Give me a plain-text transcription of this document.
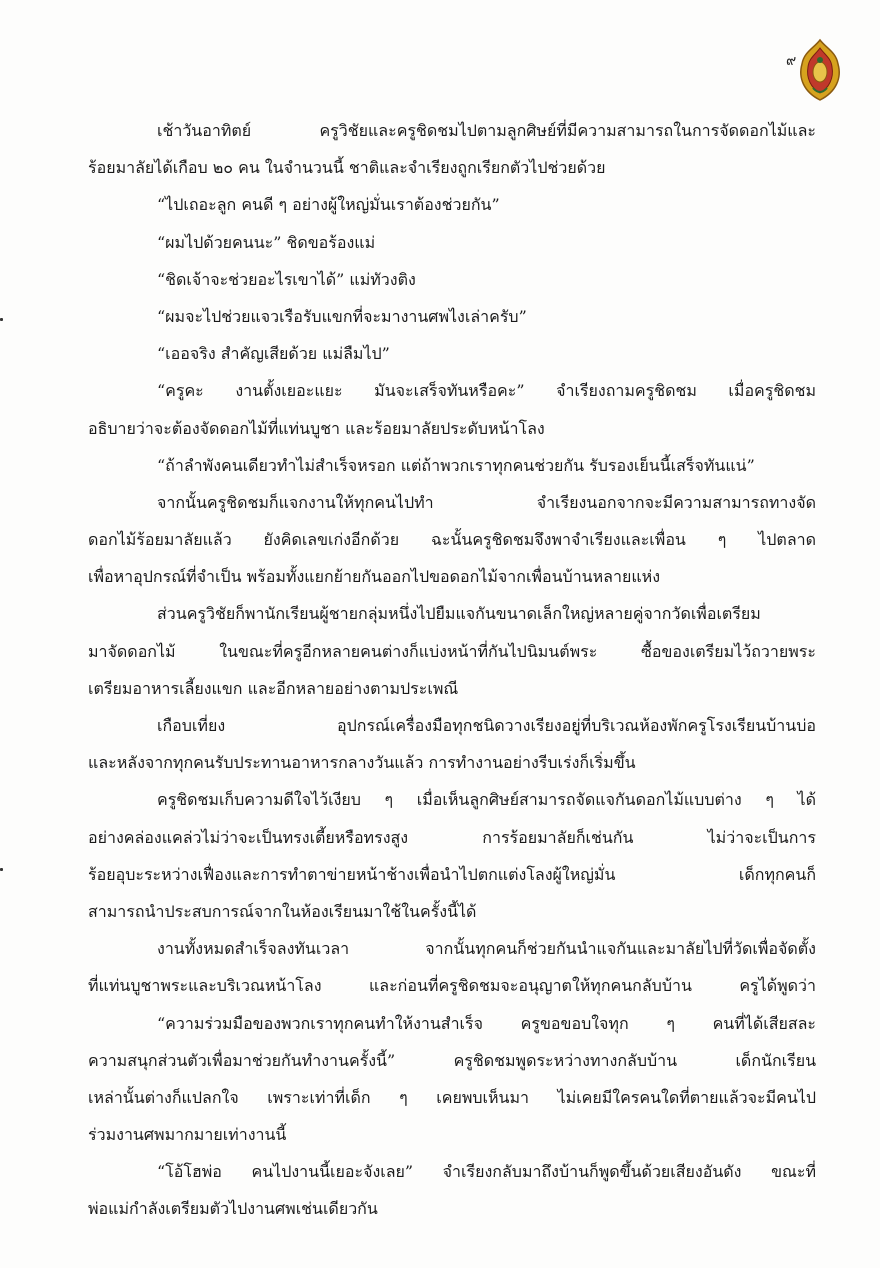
๙
เช้าวันอาทิตย์ ครูวิชัยและครูชิดชมไปตามลูกศิษย์ที่มีความสามารถในการจัดดอกไม้และ
ร้อยมาลัยได้เกือบ ๒๐ คน ในจำนวนนี้ ชาติและจำเรียงถูกเรียกตัวไปช่วยด้วย
“ไปเถอะลูก คนดี ๆ อย่างผู้ใหญ่มั่นเราต้องช่วยกัน”
“ผมไปด้วยคนนะ” ชิดขอร้องแม่
“ชิดเจ้าจะช่วยอะไรเขาได้” แม่ทัวงติง
“ผมจะไปช่วยแจวเรือรับแขกที่จะมางานศพไงเล่าครับ”
“เออจริง สำคัญเสียด้วย แม่ลืมไป”
“ครูคะ งานตั้งเยอะแยะ มันจะเสร็จทันหรือคะ” จำเรียงถามครูชิดชม เมื่อครูชิดชม
อธิบายว่าจะต้องจัดดอกไม้ที่แท่นบูชา และร้อยมาลัยประดับหน้าโลง
“ถ้าลำพังคนเดียวทำไม่สำเร็จหรอก แต่ถ้าพวกเราทุกคนช่วยกัน รับรองเย็นนี้เสร็จทันแน่”
จากนั้นครูชิดชมก็แจกงานให้ทุกคนไปทำ จำเรียงนอกจากจะมีความสามารถทางจัด
ดอกไม้ร้อยมาลัยแล้ว ยังคิดเลขเก่งอีกด้วย ฉะนั้นครูชิดชมจึงพาจำเรียงและเพื่อน ๆ ไปตลาด
เพื่อหาอุปกรณ์ที่จำเป็น พร้อมทั้งแยกย้ายกันออกไปขอดอกไม้จากเพื่อนบ้านหลายแห่ง
ส่วนครูวิชัยก็พานักเรียนผู้ชายกลุ่มหนึ่งไปยืมแจกันขนาดเล็กใหญ่หลายคู่จากวัดเพื่อเตรียม
มาจัดดอกไม้ ในขณะที่ครูอีกหลายคนต่างก็แบ่งหน้าที่กันไปนิมนต์พระ ซื้อของเตรียมไว้ถวายพระ
เตรียมอาหารเลี้ยงแขก และอีกหลายอย่างตามประเพณี
เกือบเที่ยง อุปกรณ์เครื่องมือทุกชนิดวางเรียงอยู่ที่บริเวณห้องพักครูโรงเรียนบ้านบ่อ
และหลังจากทุกคนรับประทานอาหารกลางวันแล้ว การทำงานอย่างรีบเร่งก็เริ่มขึ้น
ครูชิดชมเก็บความดีใจไว้เงียบ ๆ เมื่อเห็นลูกศิษย์สามารถจัดแจกันดอกไม้แบบต่าง ๆ ได้
อย่างคล่องแคล่วไม่ว่าจะเป็นทรงเตี้ยหรือทรงสูง การร้อยมาลัยก็เช่นกัน ไม่ว่าจะเป็นการ
ร้อยอุบะระหว่างเฟื่องและการทำตาข่ายหน้าช้างเพื่อนำไปตกแต่งโลงผู้ใหญ่มั่น เด็กทุกคนก็
สามารถนำประสบการณ์จากในห้องเรียนมาใช้ในครั้งนี้ได้
งานทั้งหมดสำเร็จลงทันเวลา จากนั้นทุกคนก็ช่วยกันนำแจกันและมาลัยไปที่วัดเพื่อจัดตั้ง
ที่แท่นบูชาพระและบริเวณหน้าโลง และก่อนที่ครูชิดชมจะอนุญาตให้ทุกคนกลับบ้าน ครูได้พูดว่า
“ความร่วมมือของพวกเราทุกคนทำให้งานสำเร็จ ครูขอขอบใจทุก ๆ คนที่ได้เสียสละ
ความสนุกส่วนตัวเพื่อมาช่วยกันทำงานครั้งนี้” ครูชิดชมพูดระหว่างทางกลับบ้าน เด็กนักเรียน
เหล่านั้นต่างก็แปลกใจ เพราะเท่าที่เด็ก ๆ เคยพบเห็นมา ไม่เคยมีใครคนใดที่ตายแล้วจะมีคนไป
ร่วมงานศพมากมายเท่างานนี้
“โอ้โฮพ่อ คนไปงานนี้เยอะจังเลย” จำเรียงกลับมาถึงบ้านก็พูดขึ้นด้วยเสียงอันดัง ขณะที่
พ่อแม่กำลังเตรียมตัวไปงานศพเช่นเดียวกัน
